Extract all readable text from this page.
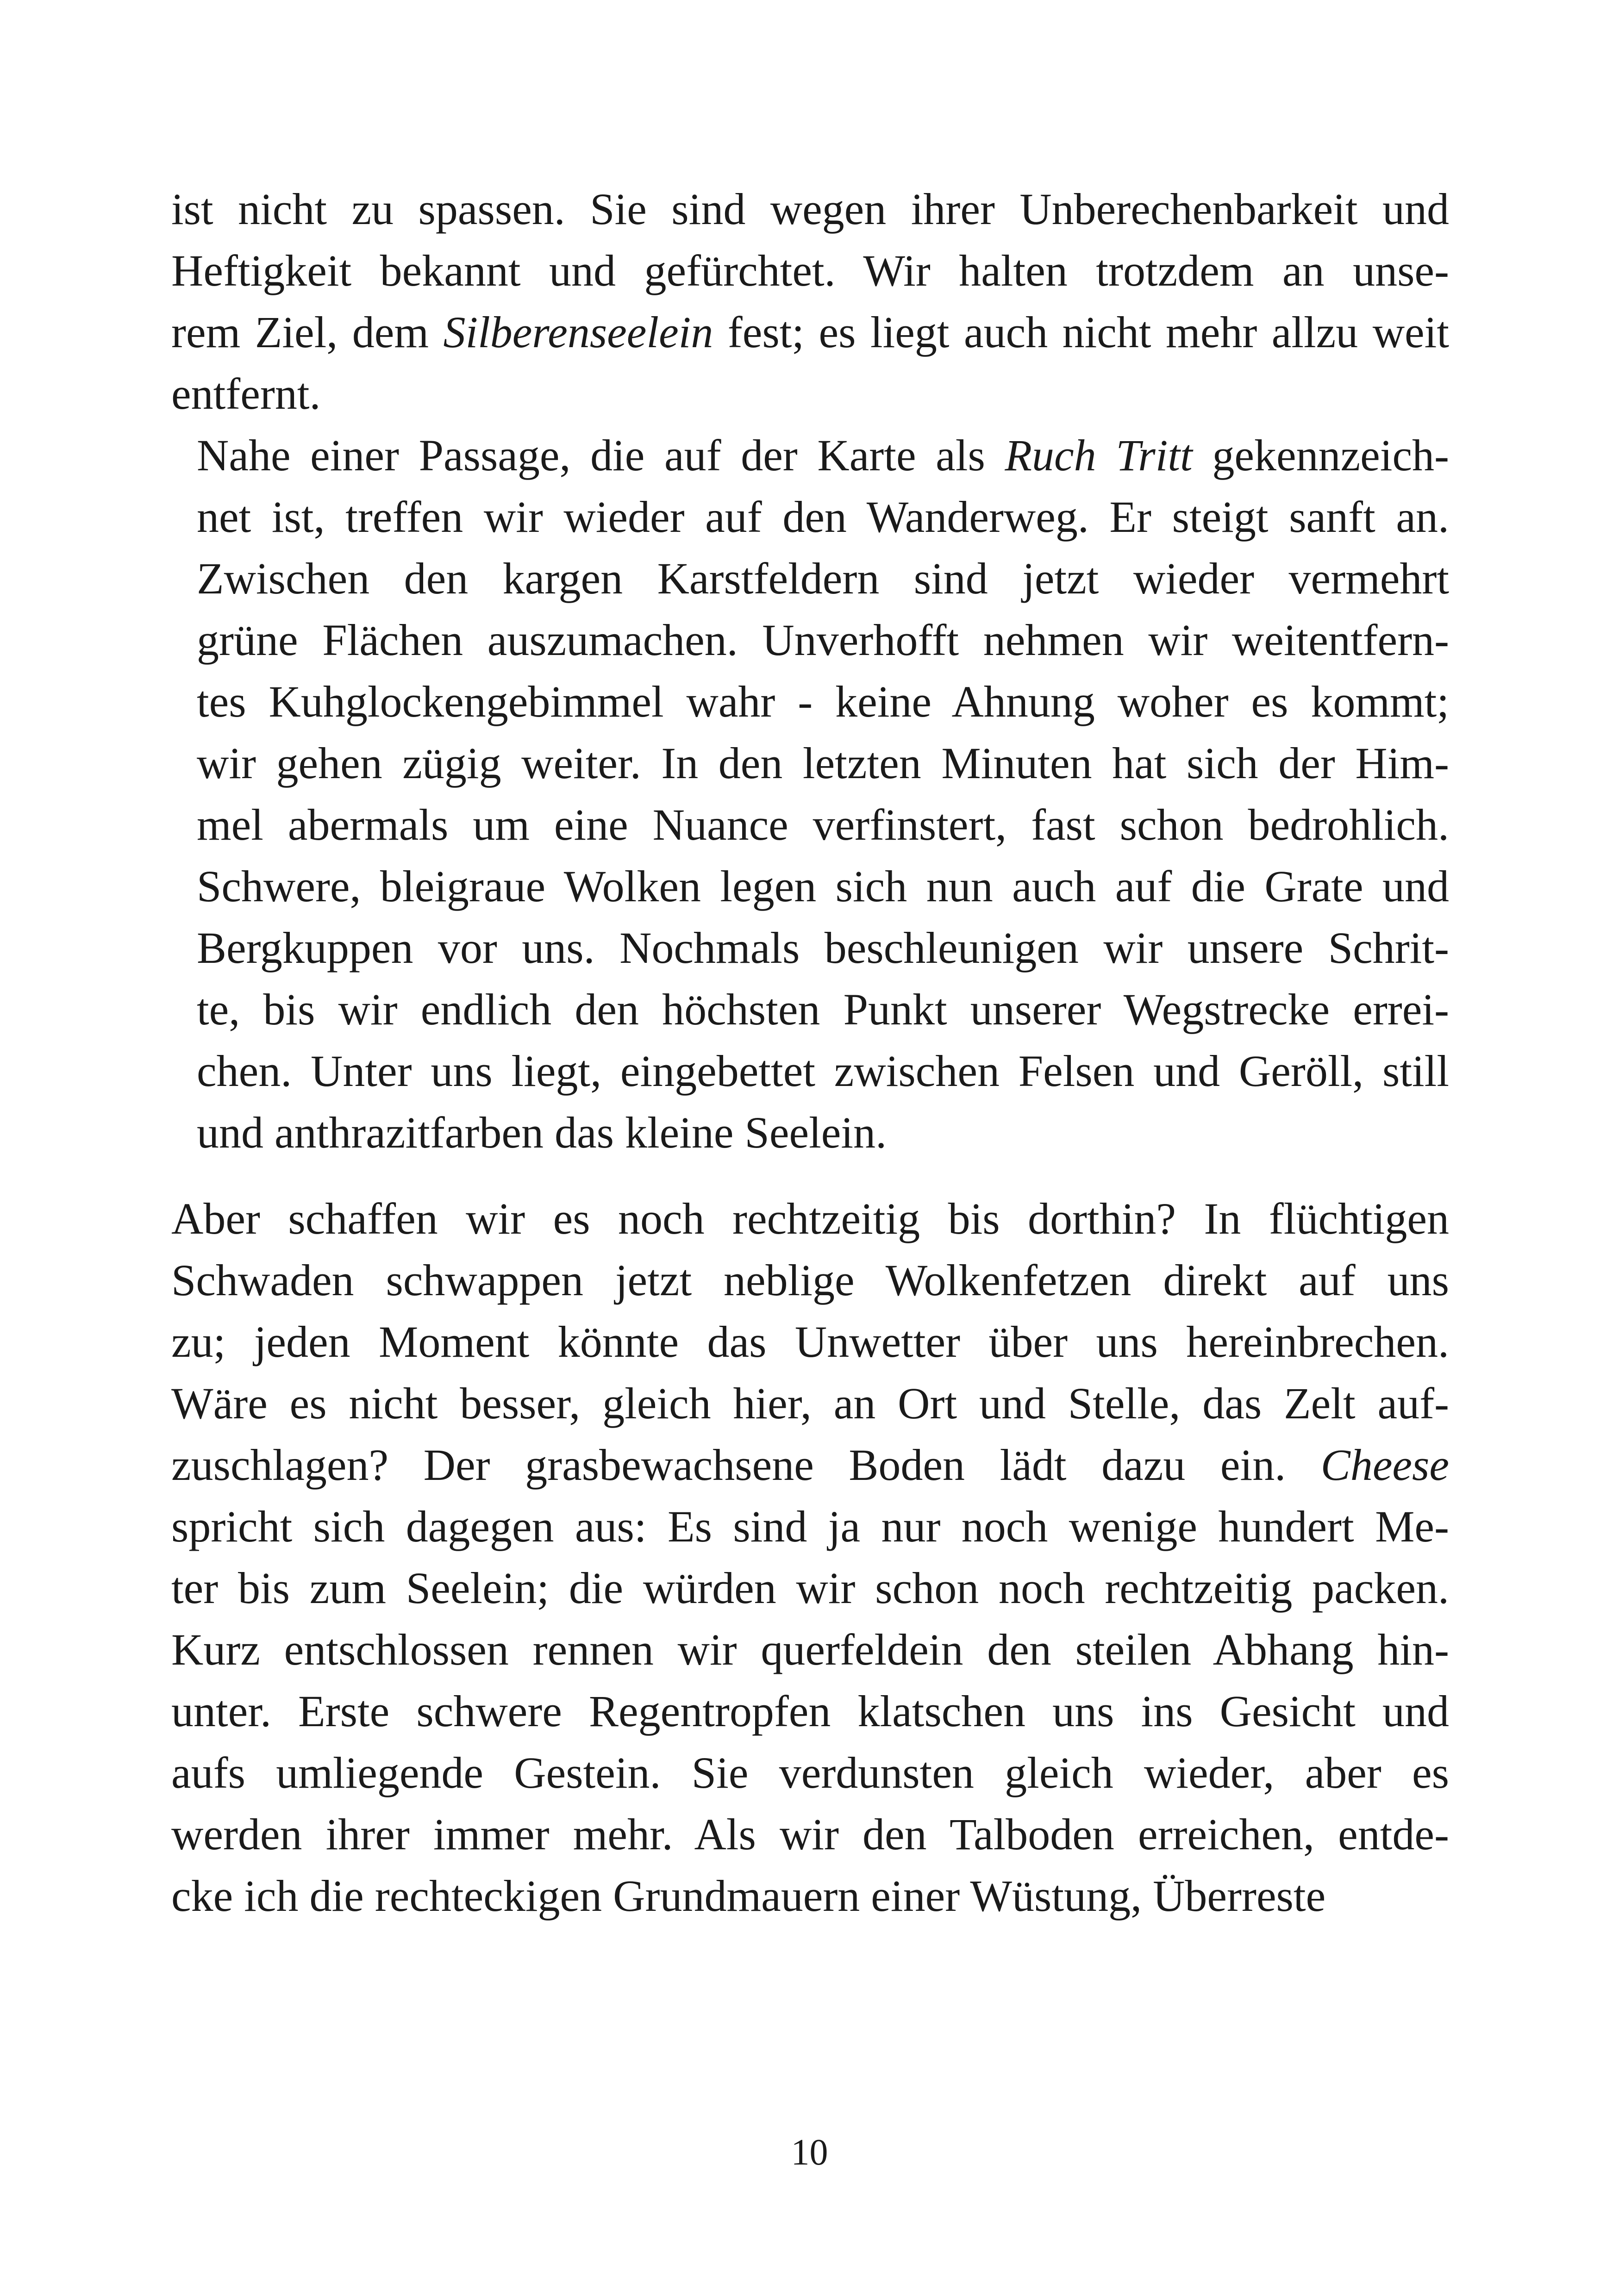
ist nicht zu spassen. Sie sind wegen ihrer Unberechenbarkeit und
Heftigkeit bekannt und gefürchtet. Wir halten trotzdem an unse-
rem Ziel, dem Silberenseelein fest; es liegt auch nicht mehr allzu weit
entfernt.

Nahe einer Passage, die auf der Karte als Ruch Tritt gekennzeich-
net ist, treffen wir wieder auf den Wanderweg. Er steigt sanft an.
Zwischen den kargen Karstfeldern sind jetzt wieder vermehrt
grüne Flächen auszumachen. Unverhofft nehmen wir weitentfern-
tes Kuhglockengebimmel wahr - keine Ahnung woher es kommt;
wir gehen zügig weiter. In den letzten Minuten hat sich der Him-
mel abermals um eine Nuance verfinstert, fast schon bedrohlich.
Schwere, bleigraue Wolken legen sich nun auch auf die Grate und
Bergkuppen vor uns. Nochmals beschleunigen wir unsere Schrit-
te, bis wir endlich den höchsten Punkt unserer Wegstrecke errei-
chen. Unter uns liegt, eingebettet zwischen Felsen und Geröll, still
und anthrazitfarben das kleine Seelein.

Aber schaffen wir es noch rechtzeitig bis dorthin? In flüchtigen
Schwaden schwappen jetzt neblige Wolkenfetzen direkt auf uns
zu; jeden Moment könnte das Unwetter über uns hereinbrechen.
Wäre es nicht besser, gleich hier, an Ort und Stelle, das Zelt auf-
zuschlagen? Der grasbewachsene Boden lädt dazu ein. Cheese
spricht sich dagegen aus: Es sind ja nur noch wenige hundert Me-
ter bis zum Seelein; die würden wir schon noch rechtzeitig packen.
Kurz entschlossen rennen wir querfeldein den steilen Abhang hin-
unter. Erste schwere Regentropfen klatschen uns ins Gesicht und
aufs umliegende Gestein. Sie verdunsten gleich wieder, aber es
werden ihrer immer mehr. Als wir den Talboden erreichen, entde-
cke ich die rechteckigen Grundmauern einer Wüstung, Überreste

10
